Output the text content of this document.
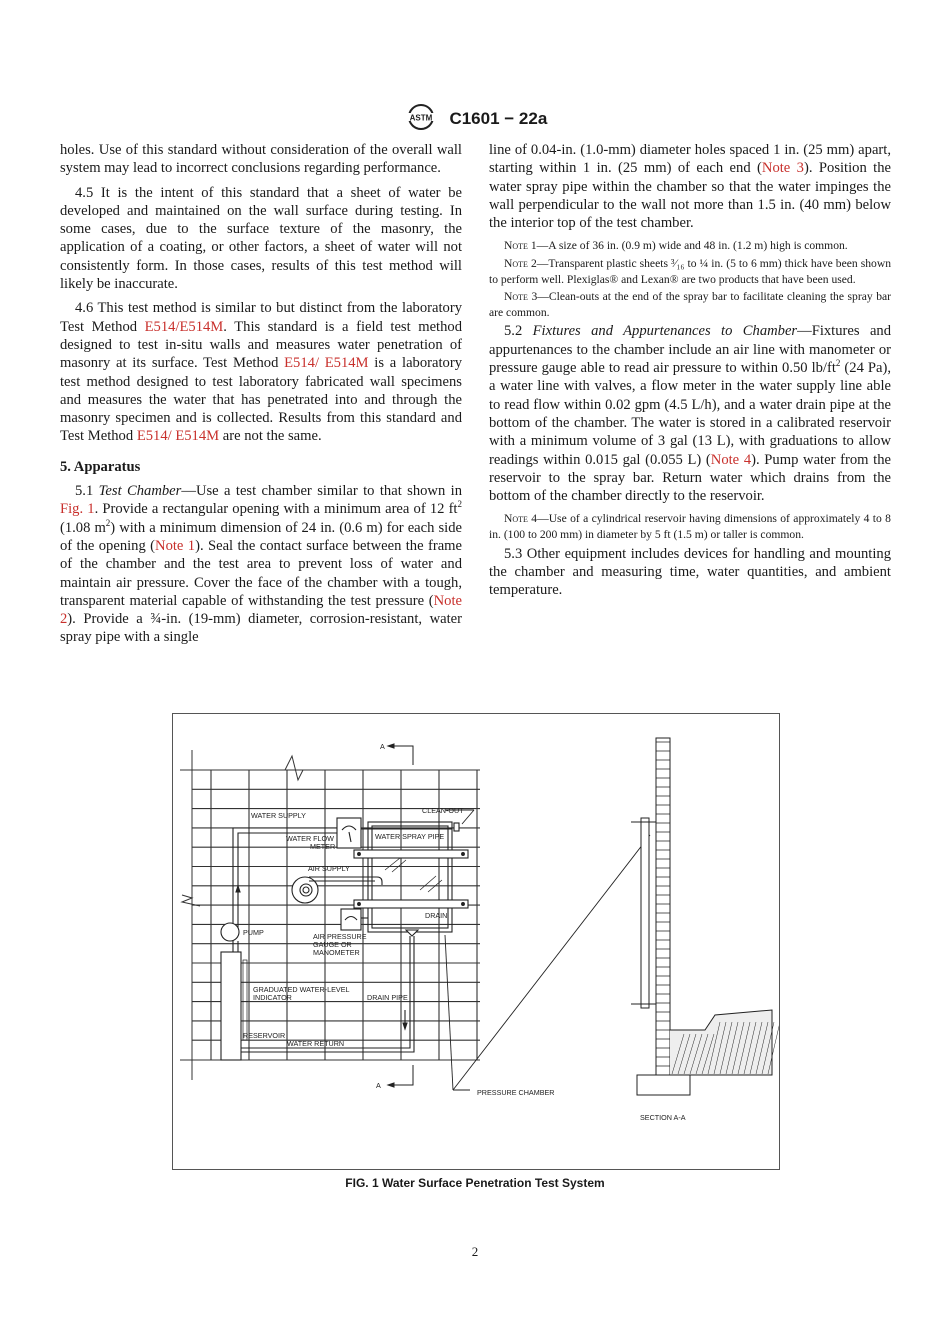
ASTM C1601 − 22a

holes. Use of this standard without consideration of the overall wall system may lead to incorrect conclusions regarding performance.

4.5 It is the intent of this standard that a sheet of water be developed and maintained on the wall surface during testing. In some cases, due to the surface texture of the masonry, the application of a coating, or other factors, a sheet of water will not consistently form. In those cases, results of this test method will likely be inaccurate.

4.6 This test method is similar to but distinct from the laboratory Test Method E514/E514M. This standard is a field test method designed to test in-situ walls and measures water penetration of masonry at its surface. Test Method E514/ E514M is a laboratory test method designed to test laboratory fabricated wall specimens and measures the water that has penetrated into and through the masonry specimen and is collected. Results from this standard and Test Method E514/ E514M are not the same.

5. Apparatus

5.1 Test Chamber—Use a test chamber similar to that shown in Fig. 1. Provide a rectangular opening with a minimum area of 12 $ft^2$ (1.08 $m^2$) with a minimum dimension of 24 in. (0.6 m) for each side of the opening (Note 1). Seal the contact surface between the frame of the chamber and the test area to prevent loss of water and maintain air pressure. Cover the face of the chamber with a tough, transparent material capable of withstanding the test pressure (Note 2). Provide a ¾-in. (19-mm) diameter, corrosion-resistant, water spray pipe with a single

line of 0.04-in. (1.0-mm) diameter holes spaced 1 in. (25 mm) apart, starting within 1 in. (25 mm) of each end (Note 3). Position the water spray pipe within the chamber so that the water impinges the wall perpendicular to the wall not more than 1.5 in. (40 mm) below the interior top of the test chamber.

Note 1—A size of 36 in. (0.9 m) wide and 48 in. (1.2 m) high is common.

Note 2—Transparent plastic sheets ³⁄₁₆ to ¼ in. (5 to 6 mm) thick have been shown to perform well. Plexiglas® and Lexan® are two products that have been used.

Note 3—Clean-outs at the end of the spray bar to facilitate cleaning the spray bar are common.

5.2 Fixtures and Appurtenances to Chamber—Fixtures and appurtenances to the chamber include an air line with manometer or pressure gauge able to read air pressure to within 0.50 $lb/ft^2$ (24 Pa), a water line with valves, a flow meter in the water supply line able to read flow within 0.02 gpm (4.5 L/h), and a water drain pipe at the bottom of the chamber. The water is stored in a calibrated reservoir with a minimum volume of 3 gal (13 L), with graduations to allow readings within 0.015 gal (0.055 L) (Note 4). Pump water from the reservoir to the spray bar. Return water which drains from the bottom of the chamber directly to the reservoir.

Note 4—Use of a cylindrical reservoir having dimensions of approximately 4 to 8 in. (100 to 200 mm) in diameter by 5 ft (1.5 m) or taller is common.

5.3 Other equipment includes devices for handling and mounting the chamber and measuring time, water quantities, and ambient temperature.

A
A
WATER SUPPLY
CLEAN-OUT
WATER FLOW
METER
WATER SPRAY PIPE
AIR SUPPLY
DRAIN
PUMP	AIR PRESSURE
GAUGE OR
MANOMETER
GRADUATED WATER-LEVEL
INDICATOR	DRAIN PIPE
RESERVOIR
WATER RETURN
PRESSURE CHAMBER
SECTION A-A
FIG. 1 Water Surface Penetration Test System
2
